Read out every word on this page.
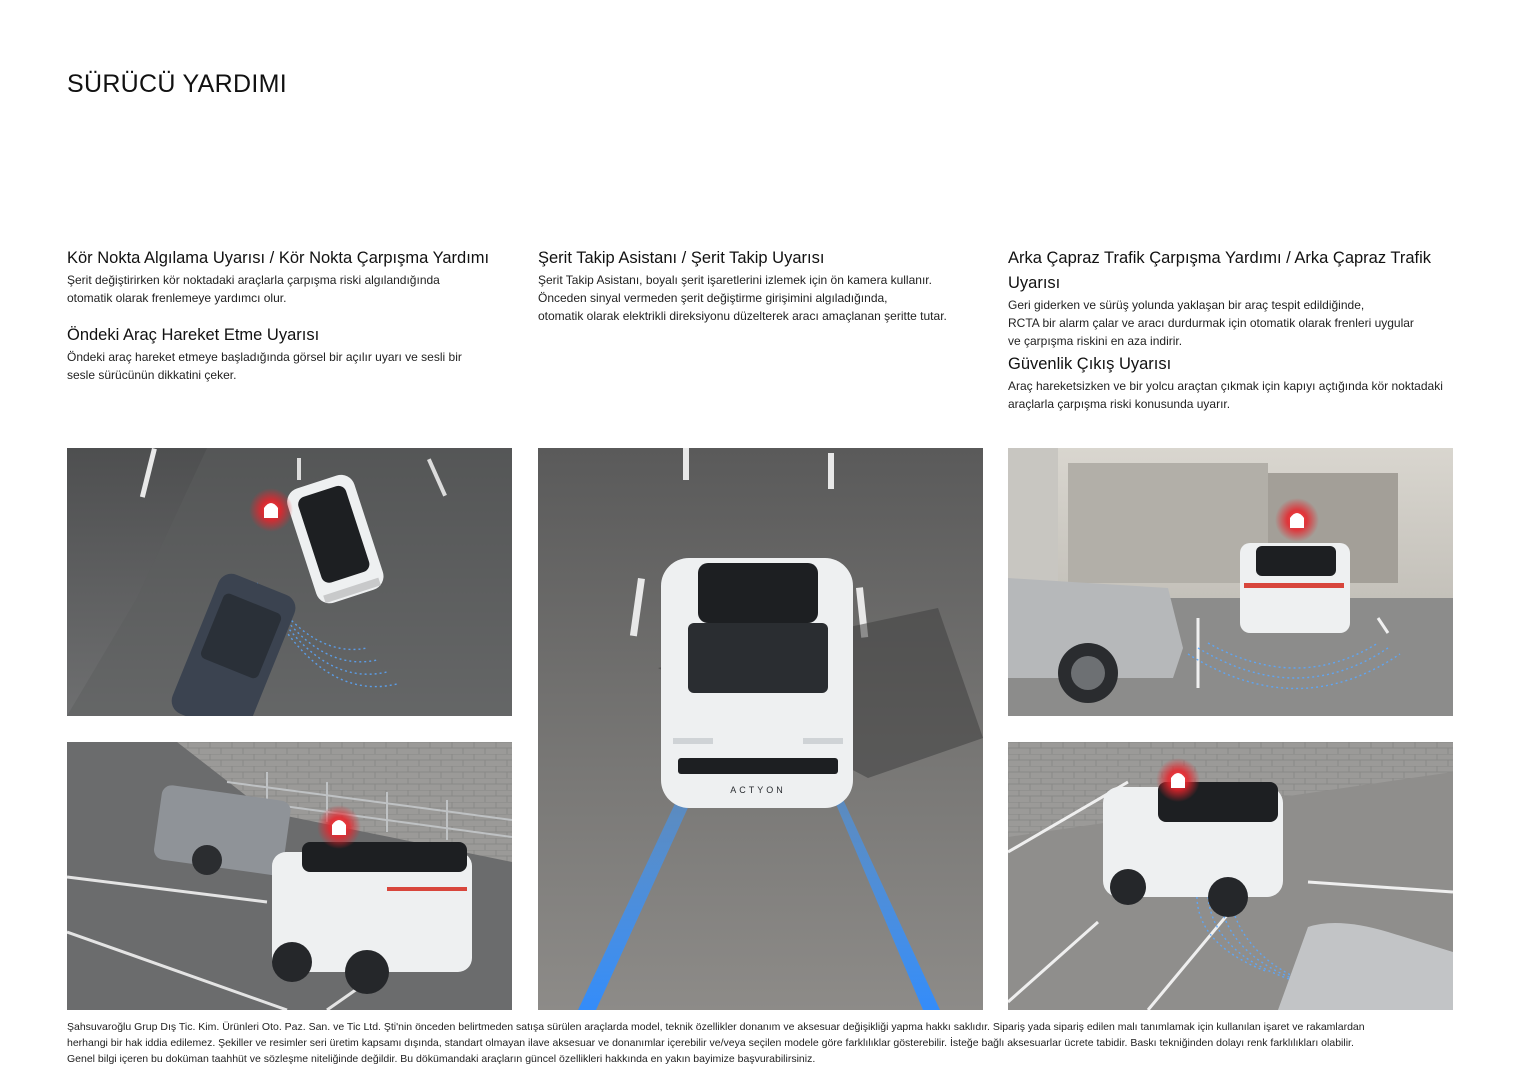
SÜRÜCÜ YARDIMI
Kör Nokta Algılama Uyarısı / Kör Nokta Çarpışma Yardımı

Şerit değiştirirken kör noktadaki araçlarla çarpışma riski algılandığında

otomatik olarak frenlemeye yardımcı olur.

Öndeki Araç Hareket Etme Uyarısı

Öndeki araç hareket etmeye başladığında görsel bir açılır uyarı ve sesli bir

sesle sürücünün dikkatini çeker.

Şerit Takip Asistanı / Şerit Takip Uyarısı

Şerit Takip Asistanı, boyalı şerit işaretlerini izlemek için ön kamera kullanır.

Önceden sinyal vermeden şerit değiştirme girişimini algıladığında,

otomatik olarak elektrikli direksiyonu düzelterek aracı amaçlanan şeritte tutar.

Arka Çapraz Trafik Çarpışma Yardımı / Arka Çapraz Trafik
Uyarısı

Geri giderken ve sürüş yolunda yaklaşan bir araç tespit edildiğinde,

RCTA bir alarm çalar ve aracı durdurmak için otomatik olarak frenleri uygular

ve çarpışma riskini en aza indirir.

Güvenlik Çıkış Uyarısı

Araç hareketsizken ve bir yolcu araçtan çıkmak için kapıyı açtığında kör noktadaki

araçlarla çarpışma riski konusunda uyarır.

ACTYON

Şahsuvaroğlu Grup Dış Tic. Kim. Ürünleri Oto. Paz. San. ve Tic Ltd. Şti'nin önceden belirtmeden satışa sürülen araçlarda model, teknik özellikler donanım ve aksesuar değişikliği yapma hakkı saklıdır. Sipariş yada sipariş edilen malı tanımlamak için kullanılan işaret ve rakamlardan

herhangi bir hak iddia edilemez. Şekiller ve resimler seri üretim kapsamı dışında, standart olmayan ilave aksesuar ve donanımlar içerebilir ve/veya seçilen modele göre farklılıklar gösterebilir. İsteğe bağlı aksesuarlar ücrete tabidir. Baskı tekniğinden dolayı renk farklılıkları olabilir.

Genel bilgi içeren bu doküman taahhüt ve sözleşme niteliğinde değildir. Bu dökümandaki araçların güncel özellikleri hakkında en yakın bayimize başvurabilirsiniz.
